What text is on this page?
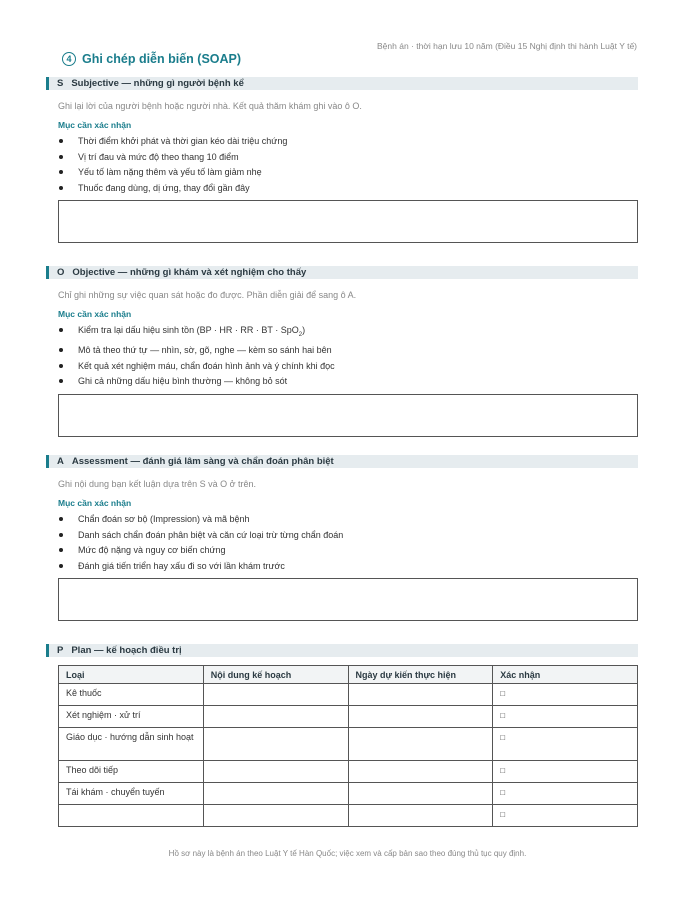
Bệnh án · thời hạn lưu 10 năm (Điều 15 Nghị định thi hành Luật Y tế)
4 Ghi chép diễn biến (SOAP)
S Subjective — những gì người bệnh kể
Ghi lại lời của người bệnh hoặc người nhà. Kết quả thăm khám ghi vào ô O.
Mục cần xác nhận
Thời điểm khởi phát và thời gian kéo dài triệu chứng
Vị trí đau và mức độ theo thang 10 điểm
Yếu tố làm nặng thêm và yếu tố làm giảm nhẹ
Thuốc đang dùng, dị ứng, thay đổi gần đây
O Objective — những gì khám và xét nghiệm cho thấy
Chỉ ghi những sự việc quan sát hoặc đo được. Phần diễn giải để sang ô A.
Mục cần xác nhận
Kiểm tra lại dấu hiệu sinh tồn (BP · HR · RR · BT · SpO$_2$)
Mô tả theo thứ tự — nhìn, sờ, gõ, nghe — kèm so sánh hai bên
Kết quả xét nghiệm máu, chẩn đoán hình ảnh và ý chính khi đọc
Ghi cả những dấu hiệu bình thường — không bỏ sót
A Assessment — đánh giá lâm sàng và chẩn đoán phân biệt
Ghi nội dung bạn kết luận dựa trên S và O ở trên.
Mục cần xác nhận
Chẩn đoán sơ bộ (Impression) và mã bệnh
Danh sách chẩn đoán phân biệt và căn cứ loại trừ từng chẩn đoán
Mức độ nặng và nguy cơ biến chứng
Đánh giá tiến triển hay xấu đi so với lần khám trước
P Plan — kế hoạch điều trị
Loại	Nội dung kế hoạch	Ngày dự kiến thực hiện	Xác nhận
Kê thuốc			□
Xét nghiệm · xử trí			□
Giáo dục · hướng dẫn sinh hoạt			□
Theo dõi tiếp			□
Tái khám · chuyển tuyến			□
			□
Hồ sơ này là bệnh án theo Luật Y tế Hàn Quốc; việc xem và cấp bản sao theo đúng thủ tục quy định.
